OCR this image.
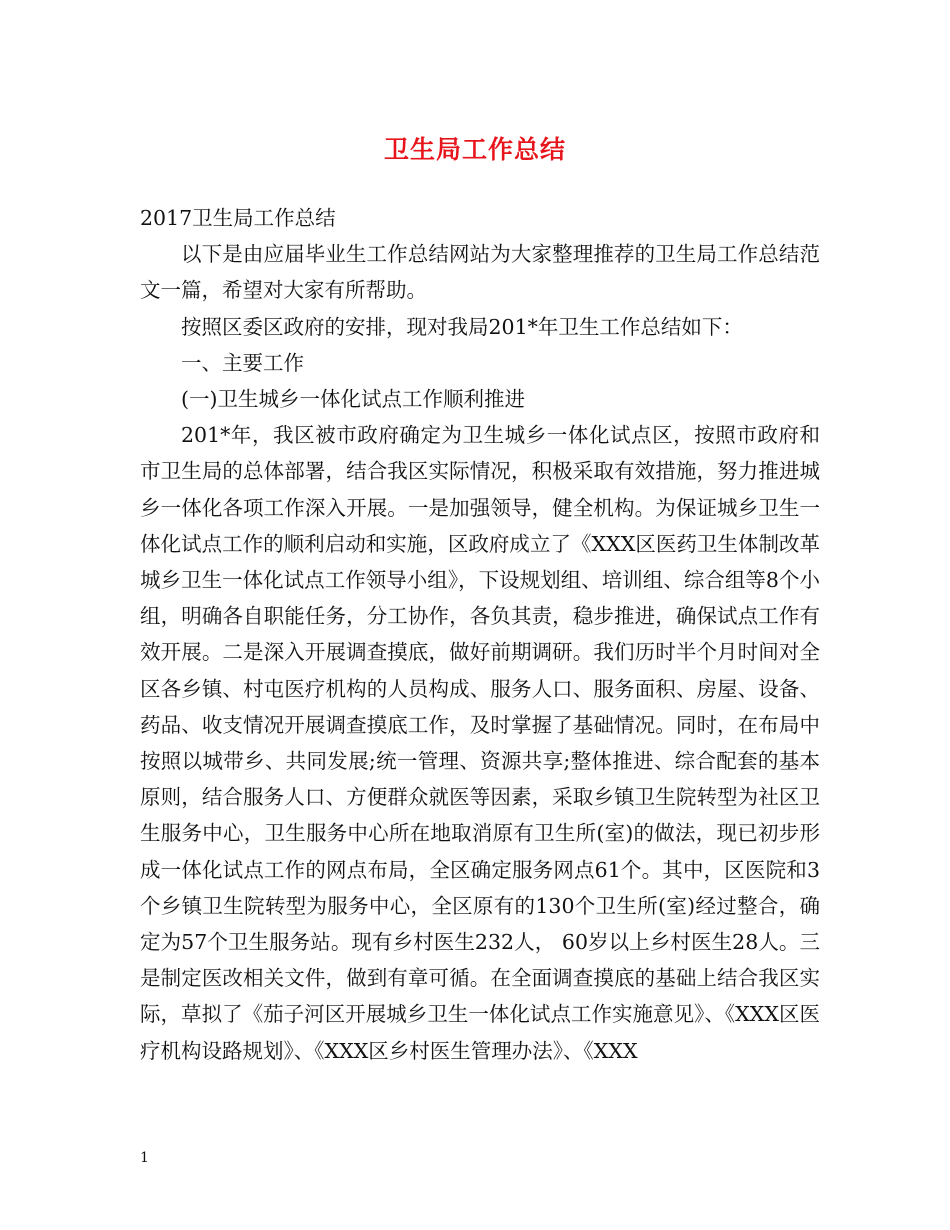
卫生局工作总结

2017卫生局工作总结

以下是由应届毕业生工作总结网站为大家整理推荐的卫生局工作总结范文一篇，希望对大家有所帮助。

按照区委区政府的安排，现对我局201*年卫生工作总结如下：

一、主要工作

(一)卫生城乡一体化试点工作顺利推进

201*年，我区被市政府确定为卫生城乡一体化试点区，按照市政府和市卫生局的总体部署，结合我区实际情况，积极采取有效措施，努力推进城乡一体化各项工作深入开展。一是加强领导，健全机构。为保证城乡卫生一体化试点工作的顺利启动和实施，区政府成立了《XXX区医药卫生体制改革城乡卫生一体化试点工作领导小组》，下设规划组、培训组、综合组等8个小组，明确各自职能任务，分工协作，各负其责，稳步推进，确保试点工作有效开展。二是深入开展调查摸底，做好前期调研。我们历时半个月时间对全区各乡镇、村屯医疗机构的人员构成、服务人口、服务面积、房屋、设备、药品、收支情况开展调查摸底工作，及时掌握了基础情况。同时，在布局中按照以城带乡、共同发展;统一管理、资源共享;整体推进、综合配套的基本原则，结合服务人口、方便群众就医等因素，采取乡镇卫生院转型为社区卫生服务中心，卫生服务中心所在地取消原有卫生所(室)的做法，现已初步形成一体化试点工作的网点布局，全区确定服务网点61个。其中，区医院和3个乡镇卫生院转型为服务中心，全区原有的130个卫生所(室)经过整合，确定为57个卫生服务站。现有乡村医生232人， 60岁以上乡村医生28人。三是制定医改相关文件，做到有章可循。在全面调查摸底的基础上结合我区实际，草拟了《茄子河区开展城乡卫生一体化试点工作实施意见》、《XXX区医疗机构设路规划》、《XXX区乡村医生管理办法》、《XXX

1
